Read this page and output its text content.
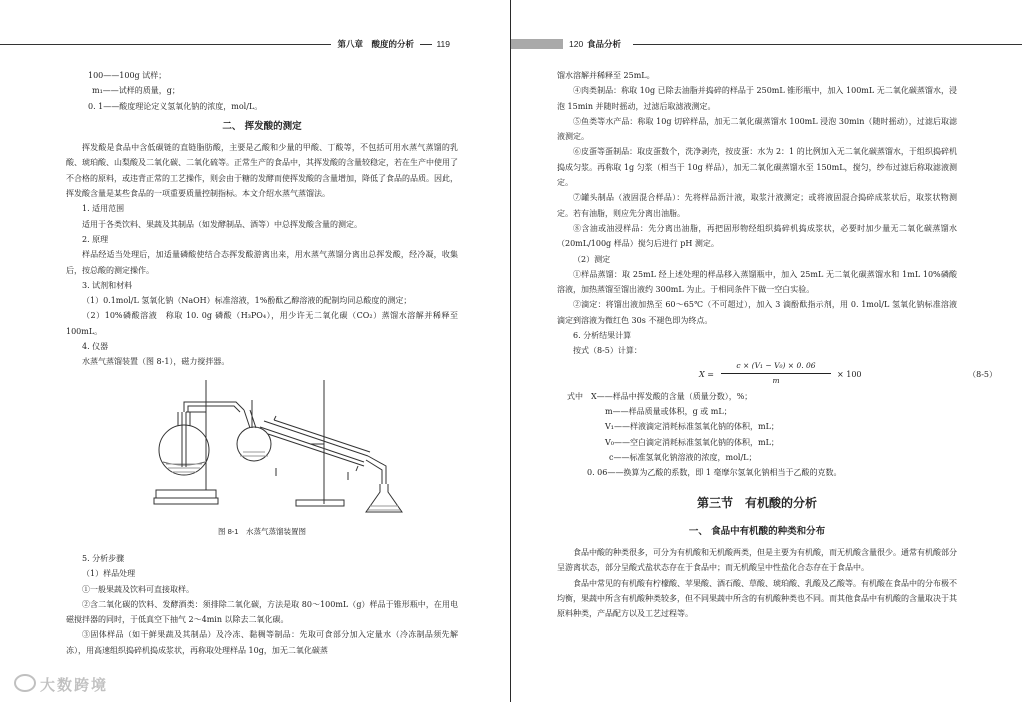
第八章　酸度的分析	119

100——100g 试样；

m₁——试样的质量，g；

0. 1——酸度理论定义氢氧化钠的浓度，mol/L。

二、 挥发酸的测定

挥发酸是食品中含低碳链的直链脂肪酸，主要是乙酸和少量的甲酸、丁酸等，不包括可用水蒸气蒸馏的乳酸、琥珀酸、山梨酸及二氧化碳、二氧化硫等。正常生产的食品中，其挥发酸的含量较稳定，若在生产中使用了不合格的原料，或违背正常的工艺操作，则会由于糖的发酵而使挥发酸的含量增加，降低了食品的品质。因此，挥发酸含量是某些食品的一项重要质量控制指标。本文介绍水蒸气蒸馏法。

1. 适用范围

适用于各类饮料、果蔬及其制品（如发酵制品、酒等）中总挥发酸含量的测定。

2. 原理

样品经适当处理后，加适量磷酸使结合态挥发酸游离出来，用水蒸气蒸馏分离出总挥发酸，经冷凝，收集后，按总酸的测定操作。

3. 试剂和材料

（1）0.1mol/L 氢氧化钠（NaOH）标准溶液，1%酚酞乙醇溶液的配制均同总酸度的测定；

（2）10%磷酸溶液　称取 10. 0g 磷酸（H₃PO₄），用少许无二氧化碳（CO₂）蒸馏水溶解并稀释至 100mL。

4. 仪器

水蒸气蒸馏装置（图 8-1），磁力搅拌器。

图 8-1　水蒸气蒸馏装置图

5. 分析步骤

（1）样品处理

①一般果蔬及饮料可直接取样。

②含二氧化碳的饮料、发酵酒类：须排除二氧化碳，方法是取 80～100mL（g）样品于锥形瓶中，在用电磁搅拌器的同时，于低真空下抽气 2～4min 以除去二氧化碳。

③固体样品（如干鲜果蔬及其制品）及冷冻、黏稠等制品：先取可食部分加入定量水（冷冻制品须先解冻），用高速组织捣碎机捣成浆状，再称取处理样品 10g，加无二氧化碳蒸

大数跨境
120 食品分析

馏水溶解并稀释至 25mL。

④肉类制品：称取 10g 已除去油脂并捣碎的样品于 250mL 锥形瓶中，加入 100mL 无二氧化碳蒸馏水，浸泡 15min 并随时摇动，过滤后取滤液测定。

⑤鱼类等水产品：称取 10g 切碎样品，加无二氧化碳蒸馏水 100mL 浸泡 30min（随时摇动），过滤后取滤液测定。

⑥皮蛋等蛋制品：取皮蛋数个，洗净剥壳，按皮蛋：水为 2：1 的比例加入无二氧化碳蒸馏水，于组织捣碎机捣成匀浆。再称取 1g 匀浆（相当于 10g 样品），加无二氧化碳蒸馏水至 150mL，搅匀，纱布过滤后称取滤液测定。

⑦罐头制品（液固混合样品）：先将样品沥汁液，取浆汁液测定；或将液固混合捣碎成浆状后，取浆状物测定。若有油脂，则应先分离出油脂。

⑧含油或油浸样品：先分离出油脂，再把固形物经组织捣碎机捣成浆状，必要时加少量无二氧化碳蒸馏水（20mL/100g 样品）搅匀后进行 pH 测定。

（2）测定

①样品蒸馏：取 25mL 经上述处理的样品移入蒸馏瓶中，加入 25mL 无二氧化碳蒸馏水和 1mL 10%磷酸溶液，加热蒸馏至馏出液约 300mL 为止。于相同条件下做一空白实验。

②滴定：将馏出液加热至 60～65℃（不可超过），加入 3 滴酚酞指示剂，用 0. 1mol/L 氢氧化钠标准溶液滴定到溶液为微红色 30s 不褪色即为终点。

6. 分析结果计算

按式（8-5）计算：

$X = \frac{\text{c × (V₁ − V₀) × 0. 06}}{m} \times 100$	（8-5）

式中　X——样品中挥发酸的含量（质量分数），%；

m——样品质量或体积，g 或 mL；

V₁——样液滴定消耗标准氢氧化钠的体积，mL；

V₀——空白滴定消耗标准氢氧化钠的体积，mL；

c——标准氢氧化钠溶液的浓度，mol/L；

0. 06——换算为乙酸的系数，即 1 毫摩尔氢氧化钠相当于乙酸的克数。

第三节　有机酸的分析

一、 食品中有机酸的种类和分布

食品中酸的种类很多，可分为有机酸和无机酸两类，但是主要为有机酸，而无机酸含量很少。通常有机酸部分呈游离状态，部分呈酸式盐状态存在于食品中；而无机酸呈中性盐化合态存在于食品中。

食品中常见的有机酸有柠檬酸、苹果酸、酒石酸、草酸、琥珀酸、乳酸及乙酸等。有机酸在食品中的分布极不均衡，果蔬中所含有机酸种类较多，但不同果蔬中所含的有机酸种类也不同。而其他食品中有机酸的含量取决于其原料种类，产品配方以及工艺过程等。
